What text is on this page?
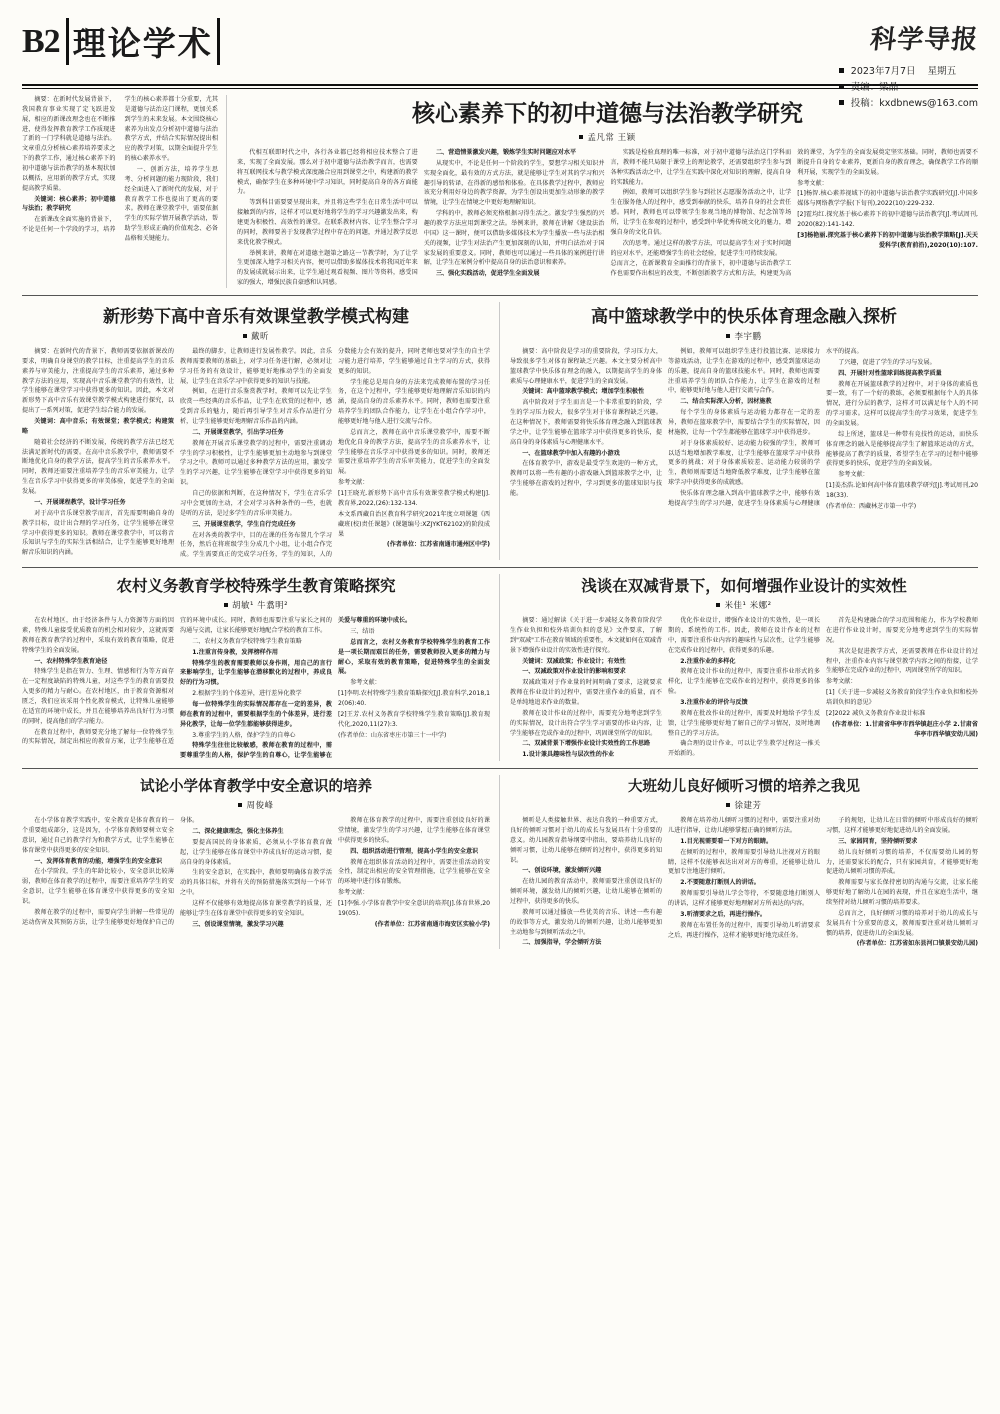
B2 理论学术	科学导报
2023年7月7日 星期五
责编：梁晶
投稿：kxdbnews@163.com

摘要：在新时代发展背景下，我国教育事业实现了定飞跃进发展，相应的新课改理念也在不断推进，使得发挥教育教学工作质现进了新的一门学科就是道德与法治。文章重点分析核心素养培养要求之下的教学工作，通过核心素养下的初中道德与法治教学的基本现状加以概括，应用新的教学方式，实现提高教学质量。

关键词：核心素养；初中道德与法治；教学研究

在新课改全面实施的背景下，不论是任何一个学段的学习，培养学生的核心素养都十分重要，尤其是道德与法治这门课程，更加关系到学生的未来发展。本文围绕核心素养为出发点分析初中道德与法治教学方式，并结合实际情况提出相应的教学对策，以期全面提升学生的核心素养水平。

一、创新方法，培养学生思考、分析问题的能力现阶段，我们经全面进入了新时代的发展，对于教育教学工作也提出了更高的要求。教师在课堂教学中，需要依据学生的实际学情开展教学活动，帮助学生形成正确的价值观念、必备品格和关键能力。

核心素养下的初中道德与法治教学研究
孟凡常 王颖

代相互联即时代之中，各行各业都已经将相应技术整合了进来，实现了全面发展。那么对于初中道德与法治教学而言，也需要将互联网技术与教学模式深度融合应用到课堂之中，构建新的教学模式，确保学生在多种环境中学习知识，同时提高自身的各方面能力。

等到科目需要要呈现出来，并且将这些学生在日常生活中可以接触到的内容，这样才可以更好地将学生的学习兴趣激发出来，构建更为积极性、高效性的课堂。在联系教材内容、让学生整合学习的同时，教师要善于发现教学过程中存在的问题，并通过教学反思来优化教学模式。

举例来讲，教师在对道德主题第之路这一节教学时，为了让学生更加深入地学习相关内容，便可以借助多媒体技术将我国近年来的发展成就展示出来，让学生通过观看视频、图片等资料，感受国家的强大，增强民族自豪感和认同感。

二、营造情景激发兴趣，锻炼学生实时问题应对水平

从现实中，不论是任何一个阶段的学生，要想学习相关知识并实现全面化，最有效的方式方法，就是能够让学生对其的学习和兴趣引导的转译，在得新的感悟和体验。在具体教学过程中，教师应该充分利用好身边的教学资源，为学生创设出更加生动形象的教学情境，让学生在情境之中更好地理解知识。

学科的中，教师必须充格根据习得生活之。激发学生强烈的兴趣的教学方法应用到课堂之法。举例来讲，教师在讲解《建设法治中国》这一课时，便可以借助多媒体技术为学生播放一些与法治相关的视频，让学生对法治产生更加深刻的认知，并明白法治对于国家发展的重要意义。同时，教师也可以通过一些具体的案例进行讲解，让学生在案例分析中提高自身的法治意识和素养。

三、强化实践活动，促进学生全面发展

实践是检验真理的唯一标准，对于初中道德与法治这门学科而言，教师不能只局限于课堂上的理论教学，还需要组织学生参与到各种实践活动之中，让学生在实践中深化对知识的理解，提高自身的实践能力。

例如，教师可以组织学生参与到社区志愿服务活动之中，让学生在服务他人的过程中，感受到奉献的快乐，培养自身的社会责任感。同时，教师也可以带领学生参观当地的博物馆、纪念馆等场所，让学生在参观的过程中，感受到中华优秀传统文化的魅力，增强自身的文化自信。

次的思考。通过这样的教学方法，可以提高学生对于实时问题的应对水平，还能增强学生的社会经验，促进学生可持续发展。

总而言之，在新课教育全面推行的背景下，初中道德与法治教学工作也需要作出相应的改变，不断创新教学方式和方法，构建更为高效的课堂，为学生的全面发展奠定坚实基础。同时，教师也需要不断提升自身的专业素养，更新自身的教育理念，确保教学工作的顺利开展，实现学生的全面发展。

参考文献：

[1]杨智.核心素养视域下的初中道德与法治教学实践研究[J].中国多媒体与网络教学学报(下旬刊),2022(10):229-232.

[2]霍均红.探究基于核心素养下的初中道德与法治教学[J].考试周刊,2020(82):141-142.

[3]杨艳丽.探究基于核心素养下的初中道德与法治教学策略[J].天天爱科学(教育前沿),2020(10):107.

新形势下高中音乐有效课堂教学模式构建
戴昕

摘要：在新时代的背景下，教师需要依据新课改的要求，明确自身课堂的教学目标，注重提高学生的音乐素养与审美能力，注重提高学生的音乐素养，通过多种教学方法的应用，实现高中音乐课堂教学的有效性，让学生能够在课堂学习中获得更多的知识。因此，本文对新形势下高中音乐有效课堂教学模式构建进行探究，以提出了一系列对策，促进学生综合能力的发展。

关键词：高中音乐；有效课堂；教学模式；构建策略

随着社会经济的不断发展，传统的教学方法已经无法满足新时代的需要。在高中音乐教学中，教师需要不断地优化自身的教学方法，提高学生的音乐素养水平。同时，教师还需要注重培养学生的音乐审美能力，让学生在音乐学习中获得更多的审美体验，促进学生的全面发展。

一、开展课程教学，设计学习任务

对于高中音乐课堂教学而言，首先需要明确自身的教学目标，设计出合理的学习任务，让学生能够在课堂学习中获得更多的知识。教师在课堂教学中，可以将音乐知识与学生的实际生活相结合，让学生能够更好地理解音乐知识的内涵。

最终的脚步，让教师进行发展性教学。因此，音乐教师需要教师的基础上，对学习任务进行解，必须对让学习任务的有效设计，能够更好地推动学生的全面发展，让学生在音乐学习中获得更多的知识与技能。

例如，在进行音乐鉴赏教学时，教师可以先让学生欣赏一些经典的音乐作品，让学生在欣赏的过程中，感受到音乐的魅力，随后再引导学生对音乐作品进行分析，让学生能够更好地理解音乐作品的内涵。

二、开展课堂教学，引出学习任务

教师在开展音乐课堂教学的过程中，需要注重调动学生的学习积极性，让学生能够更加主动地参与到课堂学习之中。教师可以通过多种教学方法的应用，激发学生的学习兴趣，让学生能够在课堂学习中获得更多的知识。

自己的依据和判断，在这种情况下，学生在音乐学习中会更加的主动，才会对学习各种条件的一些，也就是听的方法，是过多学生的音乐审美能力。

三、开展课堂教学，学生自行完成任务

在对各类的教学中，目的在课的任务布置几个学习任务，然后在将班级学生分成几个小组，让小组合作完成。学生需要真正的完成学习任务，学生的知识，人的分数能力会有效的提升，同时老师也要对学生的自主学习能力进行培养，学生能够通过自主学习的方式，获得更多的知识。

学生能总是用自身的方法来完成教师布置的学习任务，在这个过程中，学生能够更好地理解音乐知识的内涵，提高自身的音乐素养水平。同时，教师也需要注重培养学生的团队合作能力，让学生在小组合作学习中，能够更好地与他人进行交流与合作。

总而言之，教师在高中音乐课堂教学中，需要不断地优化自身的教学方法，提高学生的音乐素养水平，让学生能够在音乐学习中获得更多的知识。同时，教师还需要注重培养学生的音乐审美能力，促进学生的全面发展。

参考文献：

[1]王晓光.新形势下高中音乐有效课堂教学模式构建[J].教育界,2022,(26):132-134.

本文系西藏自治区教育科学研究2021年度立项课题《西藏班(校)责任课题》(课题编号:XZJYKT62102)的阶段成果

(作者单位：江苏省南通市通州区中学)

高中篮球教学中的快乐体育理念融入探析
李宇鹏

摘要：高中阶段是学习的重要阶段，学习压力大，导致很多学生对体育课程缺乏兴趣。本文主要分析高中篮球教学中快乐体育理念的融入，以期提高学生的身体素质与心理健康水平，促进学生的全面发展。

关键词：高中篮球教学模式；增加学生积极性

高中阶段对于学生而言是一个非常重要的阶段，学生的学习压力较大，很多学生对于体育课程缺乏兴趣。在这种情况下，教师需要将快乐体育理念融入到篮球教学之中，让学生能够在篮球学习中获得更多的快乐，提高自身的身体素质与心理健康水平。

一、在篮球教学中加入有趣的小游戏

在体育教学中，游戏是最受学生欢迎的一种方式，教师可以将一些有趣的小游戏融入到篮球教学之中，让学生能够在游戏的过程中，学习到更多的篮球知识与技能。

例如，教师可以组织学生进行投篮比赛、运球接力等游戏活动，让学生在游戏的过程中，感受到篮球运动的乐趣，提高自身的篮球技能水平。同时，教师也需要注重培养学生的团队合作能力，让学生在游戏的过程中，能够更好地与他人进行交流与合作。

二、结合实际深入分析，因材施教

每个学生的身体素质与运动能力都存在一定的差异，教师在篮球教学中，需要结合学生的实际情况，因材施教，让每一个学生都能够在篮球学习中获得进步。

对于身体素质较好、运动能力较强的学生，教师可以适当地增加教学难度，让学生能够在篮球学习中获得更多的挑战；对于身体素质较差、运动能力较弱的学生，教师则需要适当地降低教学难度，让学生能够在篮球学习中获得更多的成就感。

快乐体育理念融入到高中篮球教学之中，能够有效地提高学生的学习兴趣，促进学生身体素质与心理健康水平的提高。

了兴趣，促进了学生的学习与发展。

四、开展针对性篮球训练提高教学质量

教师在开展篮球教学的过程中，对于身体的素质也要一致，有了一个好的教练，必须要根据每个人的具体情况，进行分层的教学，这样才可以满足每个人的不同的学习需求。这样可以提高学生的学习效果，促进学生的全面发展。

综上所述，篮球是一种带有竞技性的运动，而快乐体育理念的融入是能够提高学生了解篮球运动的方式，能够提高了教学的质量，希望学生在学习的过程中能够获得更多的快乐，促进学生的全面发展。

参考文献：

[1]姜杰浩.论如何高中体育篮球教学研究[J].考试周刊,2018(33).

(作者单位：西藏林芝市第一中学)

农村义务教育学校特殊学生教育策略探究
胡敏¹ 牛翥明²

在农村地区，由于经济条件与人力资源等方面的因素，特殊儿童接受优质教育的机会相对较少，这就需要教师在教育教学的过程中，采取有效的教育策略，促进特殊学生的全面发展。

一、农村特殊学生教育途径

特殊学生是指在智力、生理、情感和行为等方面存在一定程度缺陷的特殊儿童，对这些学生的教育需要投入更多的精力与耐心。在农村地区，由于教育资源相对匮乏，我们应该采用个性化教育模式，让特殊儿童能够在适宜的环境中成长，并且在能够培养出良好行为习惯的同时，提高他们的学习能力。

在教育过程中，教师要充分地了解每一位特殊学生的实际情况，制定出相应的教育方案，让学生能够在适宜的环境中成长。同时，教师也需要注重与家长之间的沟通与交流，让家长能够更好地配合学校的教育工作。

二、农村义务教育学校特殊学生教育策略

1.注重言传身教，发挥榜样作用

特殊学生的教育需要教师以身作则，用自己的言行来影响学生，让学生能够在潜移默化的过程中，养成良好的行为习惯。

2.根据学生的个体差异，进行差异化教学

每一位特殊学生的实际情况都存在一定的差异，教师在教育的过程中，需要根据学生的个体差异，进行差异化教学，让每一位学生都能够获得进步。

3.尊重学生的人格，保护学生的自尊心

特殊学生往往比较敏感，教师在教育的过程中，需要尊重学生的人格，保护学生的自尊心，让学生能够在关爱与尊重的环境中成长。

三、结语

总而言之，农村义务教育学校特殊学生的教育工作是一项长期而艰巨的任务，需要教师投入更多的精力与耐心，采取有效的教育策略，促进特殊学生的全面发展。

参考文献：

[1]李明.农村特殊学生教育策略探究[J].教育科学,2018,12(06):40.

[2]王芳.农村义务教育学校特殊学生教育策略[J].教育现代化,2020,11(27):3.

(作者单位：山东省枣庄市第三十一中学)

浅谈在双减背景下，如何增强作业设计的实效性
米佳¹ 米娜²

摘要：通过解读《关于进一步减轻义务教育阶段学生作业负担和校外培训负担的意见》文件要求，了解到"双减"工作在教育领域的重要性，本文就如何在双减背景下增强作业设计的实效性进行探究。

关键词：双减政策；作业设计；有效性

一、双减政策对作业设计的影响和要求

双减政策对于作业量的时间明确了要求，这就要求教师在作业设计的过程中，需要注重作业的质量，而不是单纯地追求作业的数量。

教师在设计作业的过程中，需要充分地考虑到学生的实际情况，设计出符合学生学习需要的作业内容，让学生能够在完成作业的过程中，巩固课堂所学的知识。

二、双减背景下增强作业设计实效性的工作思路

1.设计兼具趣味性与层次性的作业

优化作业设计，增强作业设计的实效性，是一项长期的、系统性的工作。因此，教师在设计作业的过程中，需要注重作业内容的趣味性与层次性，让学生能够在完成作业的过程中，获得更多的乐趣。

2.注重作业的多样化

教师在设计作业的过程中，需要注重作业形式的多样化，让学生能够在完成作业的过程中，获得更多的体验。

3.注重作业的评价与反馈

教师在批改作业的过程中，需要及时地给予学生反馈，让学生能够更好地了解自己的学习情况，及时地调整自己的学习方法。

确合理的设计作业，可以让学生教学过程这一推关开始新的。

首先是构建融合的学习范围和能力，作为学校教师在进行作业设计时，需要充分地考虑到学生的实际情况。

其次是促进教学方式，还需要教师在作业设计的过程中，注重作业内容与课堂教学内容之间的衔接，让学生能够在完成作业的过程中，巩固课堂所学的知识。

参考文献：

[1]《关于进一步减轻义务教育阶段学生作业负担和校外培训负担的意见》

[2]2022 减负义务教育作业设计标准

(作者单位：1.甘肃省华亭市西华镇赵庄小学 2.甘肃省华亭市西华镇安幼儿园)

试论小学体育教学中安全意识的培养
周俊峰

在小学体育教学实践中，安全教育是体育教育的一个重要组成部分，这是因为，小学体育教师要树立安全意识，通过自己的教学行为和教学方式，让学生能够在体育课堂中获得更多的安全知识。

一、发挥体育教育的功能，增强学生的安全意识

在小学阶段，学生的年龄比较小，安全意识比较薄弱，教师在体育教学的过程中，需要注重培养学生的安全意识，让学生能够在体育课堂中获得更多的安全知识。

教师在教学的过程中，需要向学生讲解一些常见的运动伤害及其预防方法，让学生能够更好地保护自己的身体。

二、深化健康理念，强化主体养生

要提高国民的身体素质，必须从小学体育教育做起，让学生能够在体育课堂中养成良好的运动习惯，提高自身的身体素质。

生的安全意识，在实践中，教师要明确体育教学活动的具体目标，并将有关的预防措施落实到每一个环节之中。

这样不仅能够有效地提高体育课堂教学的质量，还能够让学生在体育课堂中获得更多的安全知识。

三、创设课堂情境，激发学习兴趣

教师在体育教学的过程中，需要注重创设良好的课堂情境，激发学生的学习兴趣，让学生能够在体育课堂中获得更多的快乐。

四、组织活动进行管理，提高小学生的安全意识

教师在组织体育活动的过程中，需要注重活动的安全性，制定出相应的安全管理措施，让学生能够在安全的环境中进行体育锻炼。

参考文献：

[1]李强.小学体育教学中安全意识的培养[J].体育世界,2019(05).

(作者单位：江苏省南通市海安区实验小学)

大班幼儿良好倾听习惯的培养之我见
徐建芳

倾听是人类接触世界、表达自我的一种重要方式，良好的倾听习惯对于幼儿的成长与发展具有十分重要的意义。幼儿园教育指导纲要中指出，要培养幼儿良好的倾听习惯，让幼儿能够在倾听的过程中，获得更多的知识。

一、创设环境，激发倾听兴趣

在幼儿园的教育活动中，教师需要注重创设良好的倾听环境，激发幼儿的倾听兴趣，让幼儿能够在倾听的过程中，获得更多的快乐。

教师可以通过播放一些优美的音乐、讲述一些有趣的故事等方式，激发幼儿的倾听兴趣，让幼儿能够更加主动地参与到倾听活动之中。

二、加强指导，学会倾听方法

教师在培养幼儿倾听习惯的过程中，需要注重对幼儿进行指导，让幼儿能够掌握正确的倾听方法。

1.目光视需要看一下对方的眼睛。

在倾听的过程中，教师需要引导幼儿注视对方的眼睛，这样不仅能够表达出对对方的尊重，还能够让幼儿更加专注地进行倾听。

2.不要随意打断别人的讲话。

教师需要引导幼儿学会等待，不要随意地打断别人的讲话，这样才能够更好地理解对方所表达的内容。

3.听清要求之后，再进行操作。

教师在布置任务的过程中，需要引导幼儿听清要求之后，再进行操作，这样才能够更好地完成任务。

子的规矩，让幼儿在日常的倾听中形成良好的倾听习惯，这样才能够更好地促进幼儿的全面发展。

三、家园同育，坚持倾听要求

幼儿良好倾听习惯的培养，不仅需要幼儿园的努力，还需要家长的配合，只有家园共育，才能够更好地促进幼儿倾听习惯的养成。

教师需要与家长保持密切的沟通与交流，让家长能够更好地了解幼儿在园的表现，并且在家庭生活中，继续坚持对幼儿倾听习惯的培养要求。

总而言之，良好倾听习惯的培养对于幼儿的成长与发展具有十分重要的意义，教师需要注重对幼儿倾听习惯的培养，促进幼儿的全面发展。

(作者单位：江苏省如东县河口镇景安幼儿园)
